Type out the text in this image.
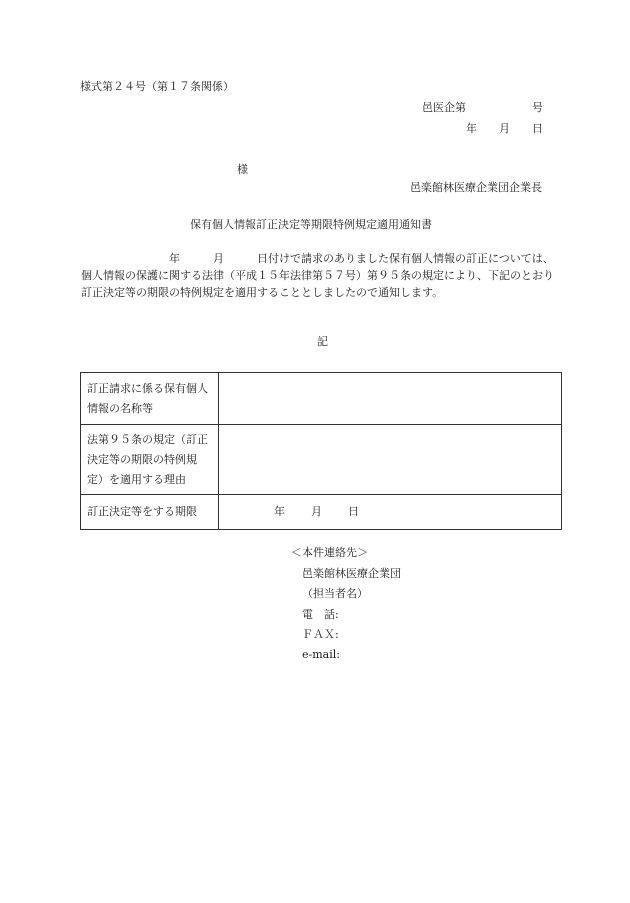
様式第２４号（第１７条関係）
邑医企第　　　　　　号
年　　月　　日
様
邑楽館林医療企業団企業長
保有個人情報訂正決定等期限特例規定適用通知書
　　　　　　　　年　　　月　　　日付けで請求のありました保有個人情報の訂正については、個人情報の保護に関する法律（平成１５年法律第５７号）第９５条の規定により、下記のとおり訂正決定等の期限の特例規定を適用することとしましたので通知します。
記
訂正請求に係る保有個人情報の名称等	
法第９５条の規定（訂正決定等の期限の特例規定）を適用する理由	
訂正決定等をする期限	年 月 日
＜本件連絡先＞
邑楽館林医療企業団
（担当者名）
電　話:
ＦＡＸ:
e-mail:
